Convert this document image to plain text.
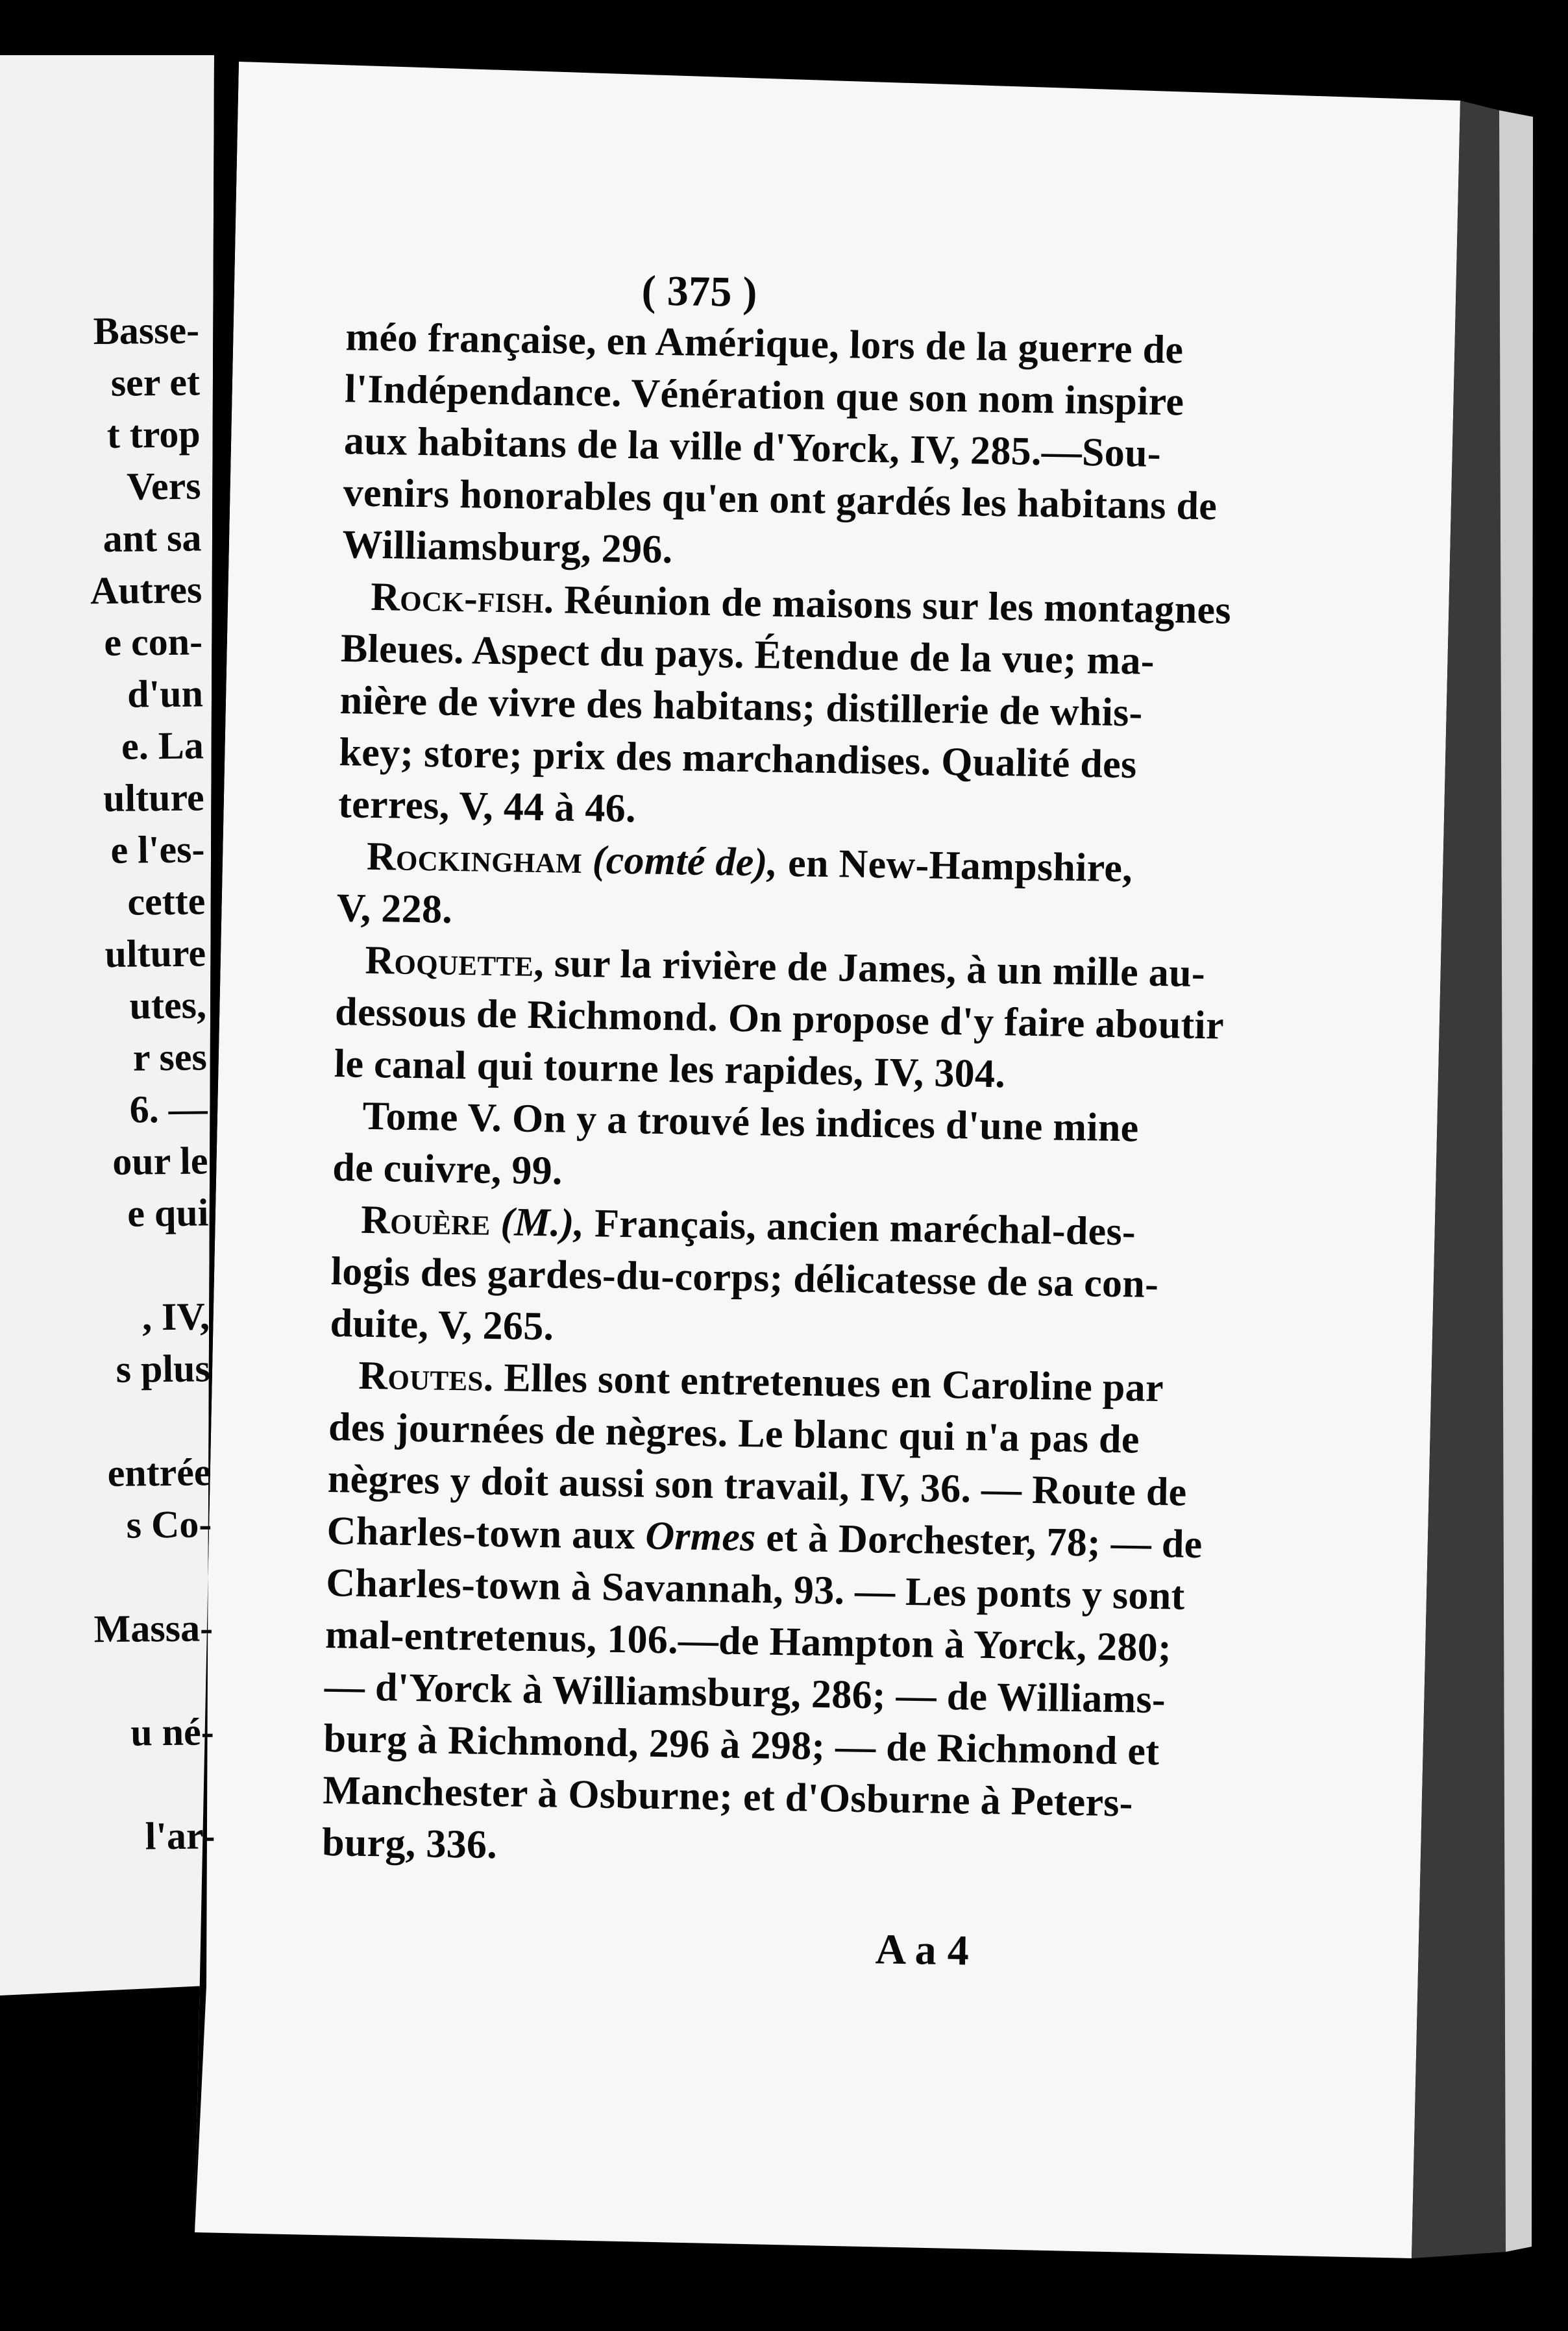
Basse-
ser et
t trop
Vers
ant sa
Autres
e con-
d'un
e. La
ulture
e l'es-
cette
ulture
utes,
r ses
6. —
our le
e qui
, IV,
s plus
entrée
s Co-
Massa-
u né-
l'ar-
( 375 )
méo française, en Amérique, lors de la guerre de
l'Indépendance. Vénération que son nom inspire
aux habitans de la ville d'Yorck, IV, 285.—Sou-
venirs honorables qu'en ont gardés les habitans de
Williamsburg, 296.
Rock-fish. Réunion de maisons sur les montagnes
Bleues. Aspect du pays. Étendue de la vue; ma-
nière de vivre des habitans; distillerie de whis-
key; store; prix des marchandises. Qualité des
terres, V, 44 à 46.
Rockingham (comté de), en New-Hampshire,
V, 228.
Roquette, sur la rivière de James, à un mille au-
dessous de Richmond. On propose d'y faire aboutir
le canal qui tourne les rapides, IV, 304.
Tome V. On y a trouvé les indices d'une mine
de cuivre, 99.
Rouère (M.), Français, ancien maréchal-des-
logis des gardes-du-corps; délicatesse de sa con-
duite, V, 265.
Routes. Elles sont entretenues en Caroline par
des journées de nègres. Le blanc qui n'a pas de
nègres y doit aussi son travail, IV, 36. — Route de
Charles-town aux Ormes et à Dorchester, 78; — de
Charles-town à Savannah, 93. — Les ponts y sont
mal-entretenus, 106.—de Hampton à Yorck, 280;
— d'Yorck à Williamsburg, 286; — de Williams-
burg à Richmond, 296 à 298; — de Richmond et
Manchester à Osburne; et d'Osburne à Peters-
burg, 336.
A a 4
